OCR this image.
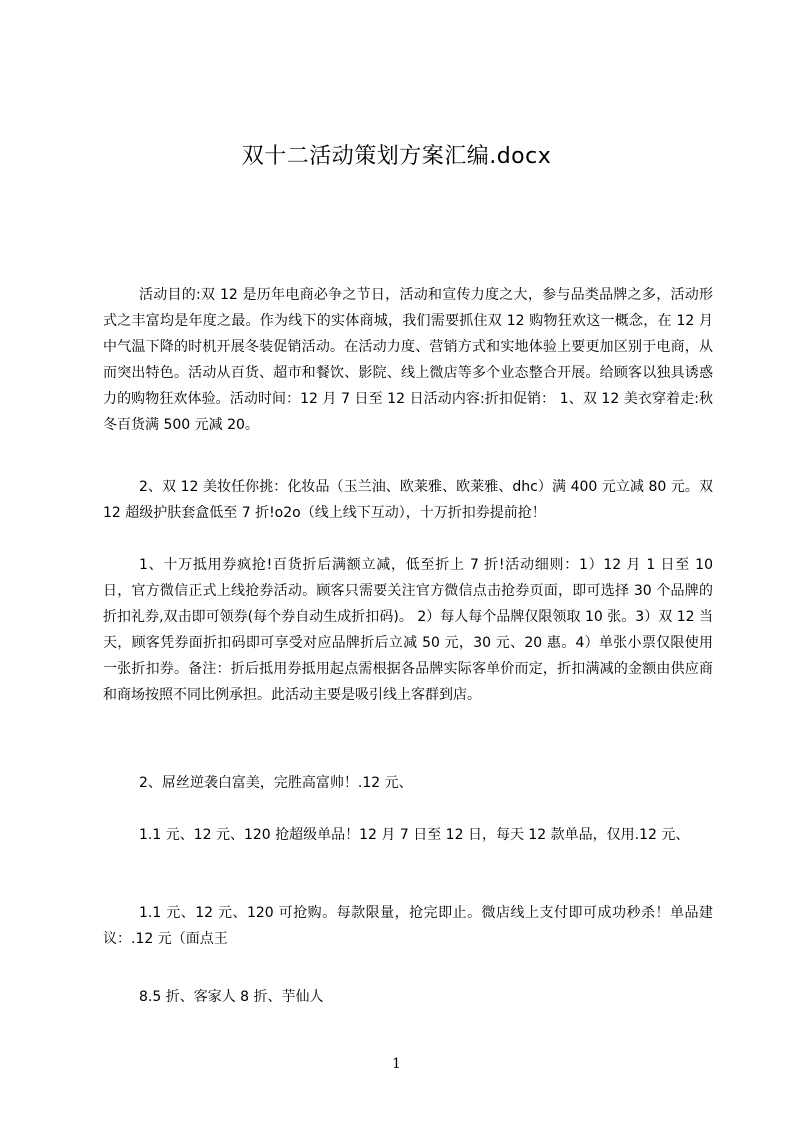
双十二活动策划方案汇编.docx

活动目的:双 12 是历年电商必争之节日，活动和宣传力度之大，参与品类品牌之多，活动形式之丰富均是年度之最。作为线下的实体商城，我们需要抓住双 12 购物狂欢这一概念，在 12 月中气温下降的时机开展冬装促销活动。在活动力度、营销方式和实地体验上要更加区别于电商，从而突出特色。活动从百货、超市和餐饮、影院、线上微店等多个业态整合开展。给顾客以独具诱惑力的购物狂欢体验。活动时间：12 月 7 日至 12 日活动内容:折扣促销： 1、双 12 美衣穿着走:秋冬百货满 500 元减 20。

2、双 12 美妆任你挑：化妆品（玉兰油、欧莱雅、欧莱雅、dhc）满 400 元立减 80 元。双 12 超级护肤套盒低至 7 折!o2o（线上线下互动），十万折扣券提前抢！

1、十万抵用券疯抢!百货折后满额立减，低至折上 7 折!活动细则：1）12 月 1 日至 10 日，官方微信正式上线抢券活动。顾客只需要关注官方微信点击抢券页面，即可选择 30 个品牌的折扣礼券,双击即可领券(每个券自动生成折扣码)。 2）每人每个品牌仅限领取 10 张。3）双 12 当天，顾客凭券面折扣码即可享受对应品牌折后立减 50 元，30 元、20 惠。4）单张小票仅限使用一张折扣券。备注：折后抵用券抵用起点需根据各品牌实际客单价而定，折扣满减的金额由供应商和商场按照不同比例承担。此活动主要是吸引线上客群到店。

2、屌丝逆袭白富美，完胜高富帅！.12 元、

1.1 元、12 元、120 抢超级单品！12 月 7 日至 12 日，每天 12 款单品，仅用.12 元、

1.1 元、12 元、120 可抢购。每款限量，抢完即止。微店线上支付即可成功秒杀！单品建议：.12 元（面点王

8.5 折、客家人 8 折、芋仙人

1
